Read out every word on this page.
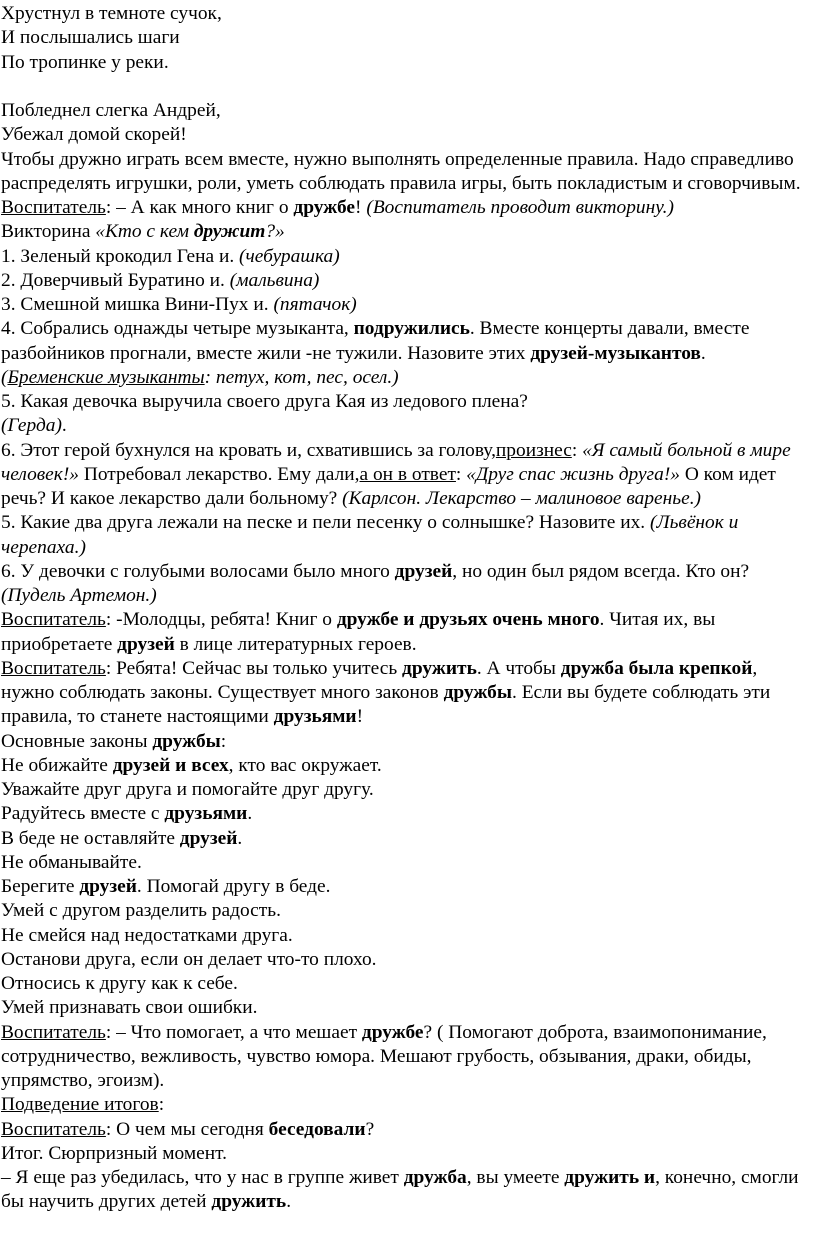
Хрустнул в темноте сучок,

И послышались шаги

По тропинке у реки.

Побледнел слегка Андрей,

Убежал домой скорей!

Чтобы дружно играть всем вместе, нужно выполнять определенные правила. Надо справедливо распределять игрушки, роли, уметь соблюдать правила игры, быть покладистым и сговорчивым.

Воспитатель: – А как много книг о дружбе! (Воспитатель проводит викторину.)

Викторина «Кто с кем дружит?»

1. Зеленый крокодил Гена и. (чебурашка)

2. Доверчивый Буратино и. (мальвина)

3. Смешной мишка Вини-Пух и. (пятачок)

4. Собрались однажды четыре музыканта, подружились. Вместе концерты давали, вместе разбойников прогнали, вместе жили -не тужили. Назовите этих друзей-музыкантов.

(Бременские музыканты: петух, кот, пес, осел.)

5. Какая девочка выручила своего друга Кая из ледового плена?

(Герда).

6. Этот герой бухнулся на кровать и, схватившись за голову,произнес: «Я самый больной в мире человек!» Потребовал лекарство. Ему дали,а он в ответ: «Друг спас жизнь друга!» О ком идет речь? И какое лекарство дали больному? (Карлсон. Лекарство – малиновое варенье.)

5. Какие два друга лежали на песке и пели песенку о солнышке? Назовите их. (Львёнок и черепаха.)

6. У девочки с голубыми волосами было много друзей, но один был рядом всегда. Кто он? (Пудель Артемон.)

Воспитатель: -Молодцы, ребята! Книг о дружбе и друзьях очень много. Читая их, вы приобретаете друзей в лице литературных героев.

Воспитатель: Ребята! Сейчас вы только учитесь дружить. А чтобы дружба была крепкой, нужно соблюдать законы. Существует много законов дружбы. Если вы будете соблюдать эти правила, то станете настоящими друзьями!

Основные законы дружбы:

Не обижайте друзей и всех, кто вас окружает.

Уважайте друг друга и помогайте друг другу.

Радуйтесь вместе с друзьями.

В беде не оставляйте друзей.

Не обманывайте.

Берегите друзей. Помогай другу в беде.

Умей с другом разделить радость.

Не смейся над недостатками друга.

Останови друга, если он делает что-то плохо.

Относись к другу как к себе.

Умей признавать свои ошибки.

Воспитатель: – Что помогает, а что мешает дружбе? ( Помогают доброта, взаимопонимание, сотрудничество, вежливость, чувство юмора. Мешают грубость, обзывания, драки, обиды, упрямство, эгоизм).

Подведение итогов:

Воспитатель: О чем мы сегодня беседовали?

Итог. Сюрпризный момент.

– Я еще раз убедилась, что у нас в группе живет дружба, вы умеете дружить и, конечно, смогли бы научить других детей дружить.
